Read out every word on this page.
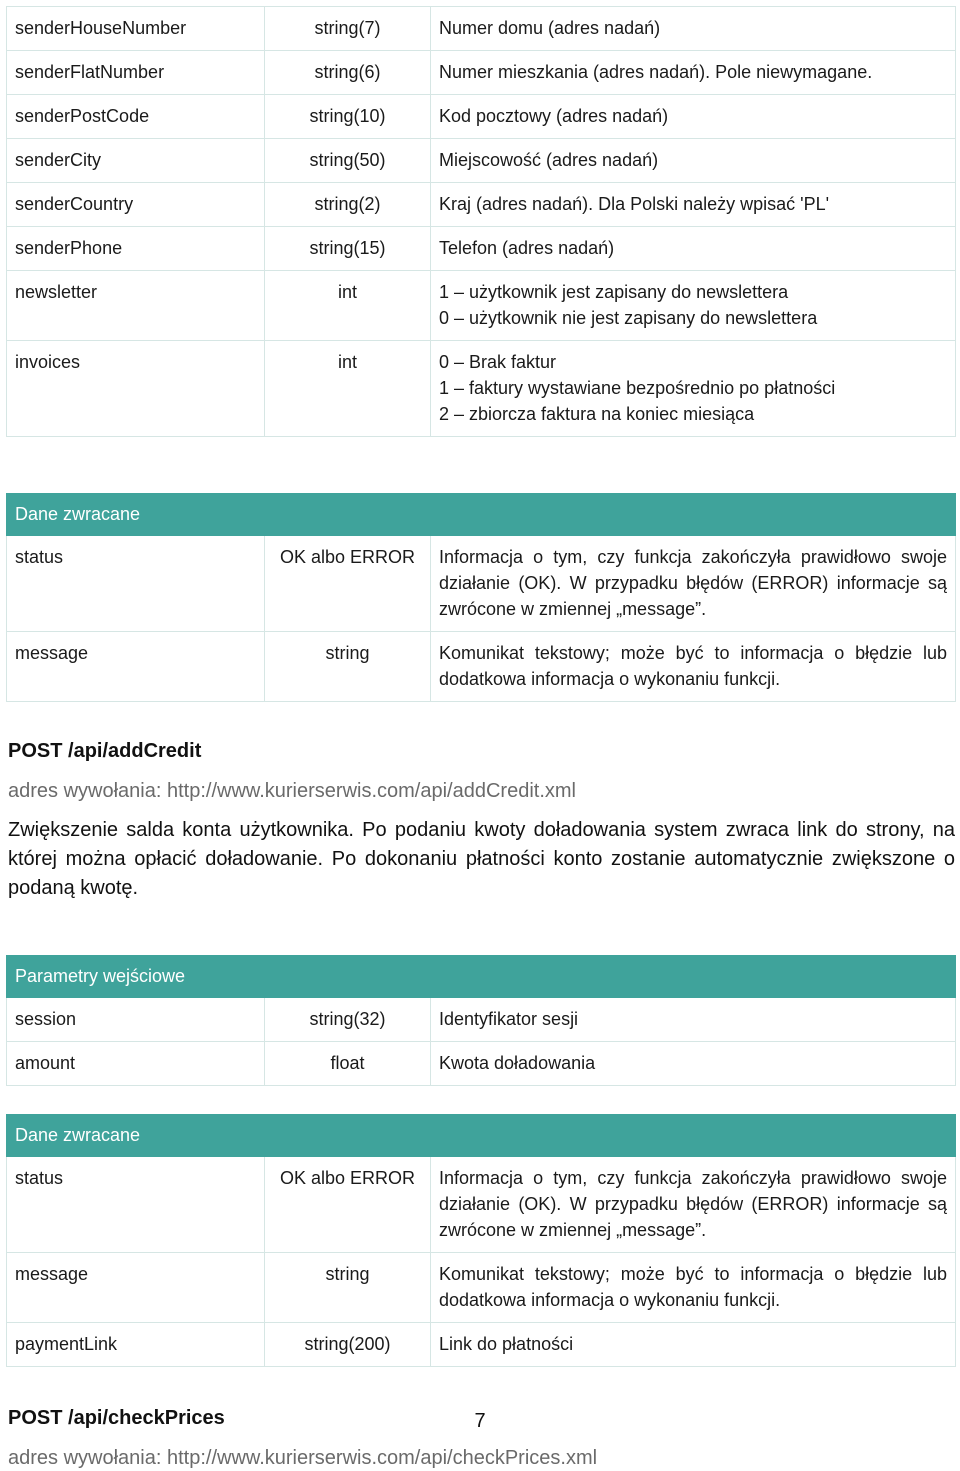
senderHouseNumber	string(7)	Numer domu (adres nadań)

senderFlatNumber	string(6)	Numer mieszkania (adres nadań). Pole niewymagane.

senderPostCode	string(10)	Kod pocztowy (adres nadań)

senderCity	string(50)	Miejscowość (adres nadań)

senderCountry	string(2)	Kraj (adres nadań). Dla Polski należy wpisać 'PL'

senderPhone	string(15)	Telefon (adres nadań)

newsletter	int	1 – użytkownik jest zapisany do newslettera
0 – użytkownik nie jest zapisany do newslettera

invoices	int	0 – Brak faktur
1 – faktury wystawiane bezpośrednio po płatności
2 – zbiorcza faktura na koniec miesiąca
Dane zwracane		
status	OK albo ERROR	Informacja o tym, czy funkcja zakończyła prawidłowo swoje działanie (OK). W przypadku błędów (ERROR) informacje są zwrócone w zmiennej „message”.
message	string	Komunikat tekstowy; może być to informacja o błędzie lub dodatkowa informacja o wykonaniu funkcji.
POST /api/addCredit

adres wywołania: http://www.kurierserwis.com/api/addCredit.xml

Zwiększenie salda konta użytkownika. Po podaniu kwoty doładowania system zwraca link do strony, na której można opłacić doładowanie. Po dokonaniu płatności konto zostanie automatycznie zwiększone o podaną kwotę.

Parametry wejściowe		
session	string(32)	Identyfikator sesji
amount	float	Kwota doładowania
Dane zwracane		
status	OK albo ERROR	Informacja o tym, czy funkcja zakończyła prawidłowo swoje działanie (OK). W przypadku błędów (ERROR) informacje są zwrócone w zmiennej „message”.
message	string	Komunikat tekstowy; może być to informacja o błędzie lub dodatkowa informacja o wykonaniu funkcji.
paymentLink	string(200)	Link do płatności
POST /api/checkPrices

adres wywołania: http://www.kurierserwis.com/api/checkPrices.xml

7
